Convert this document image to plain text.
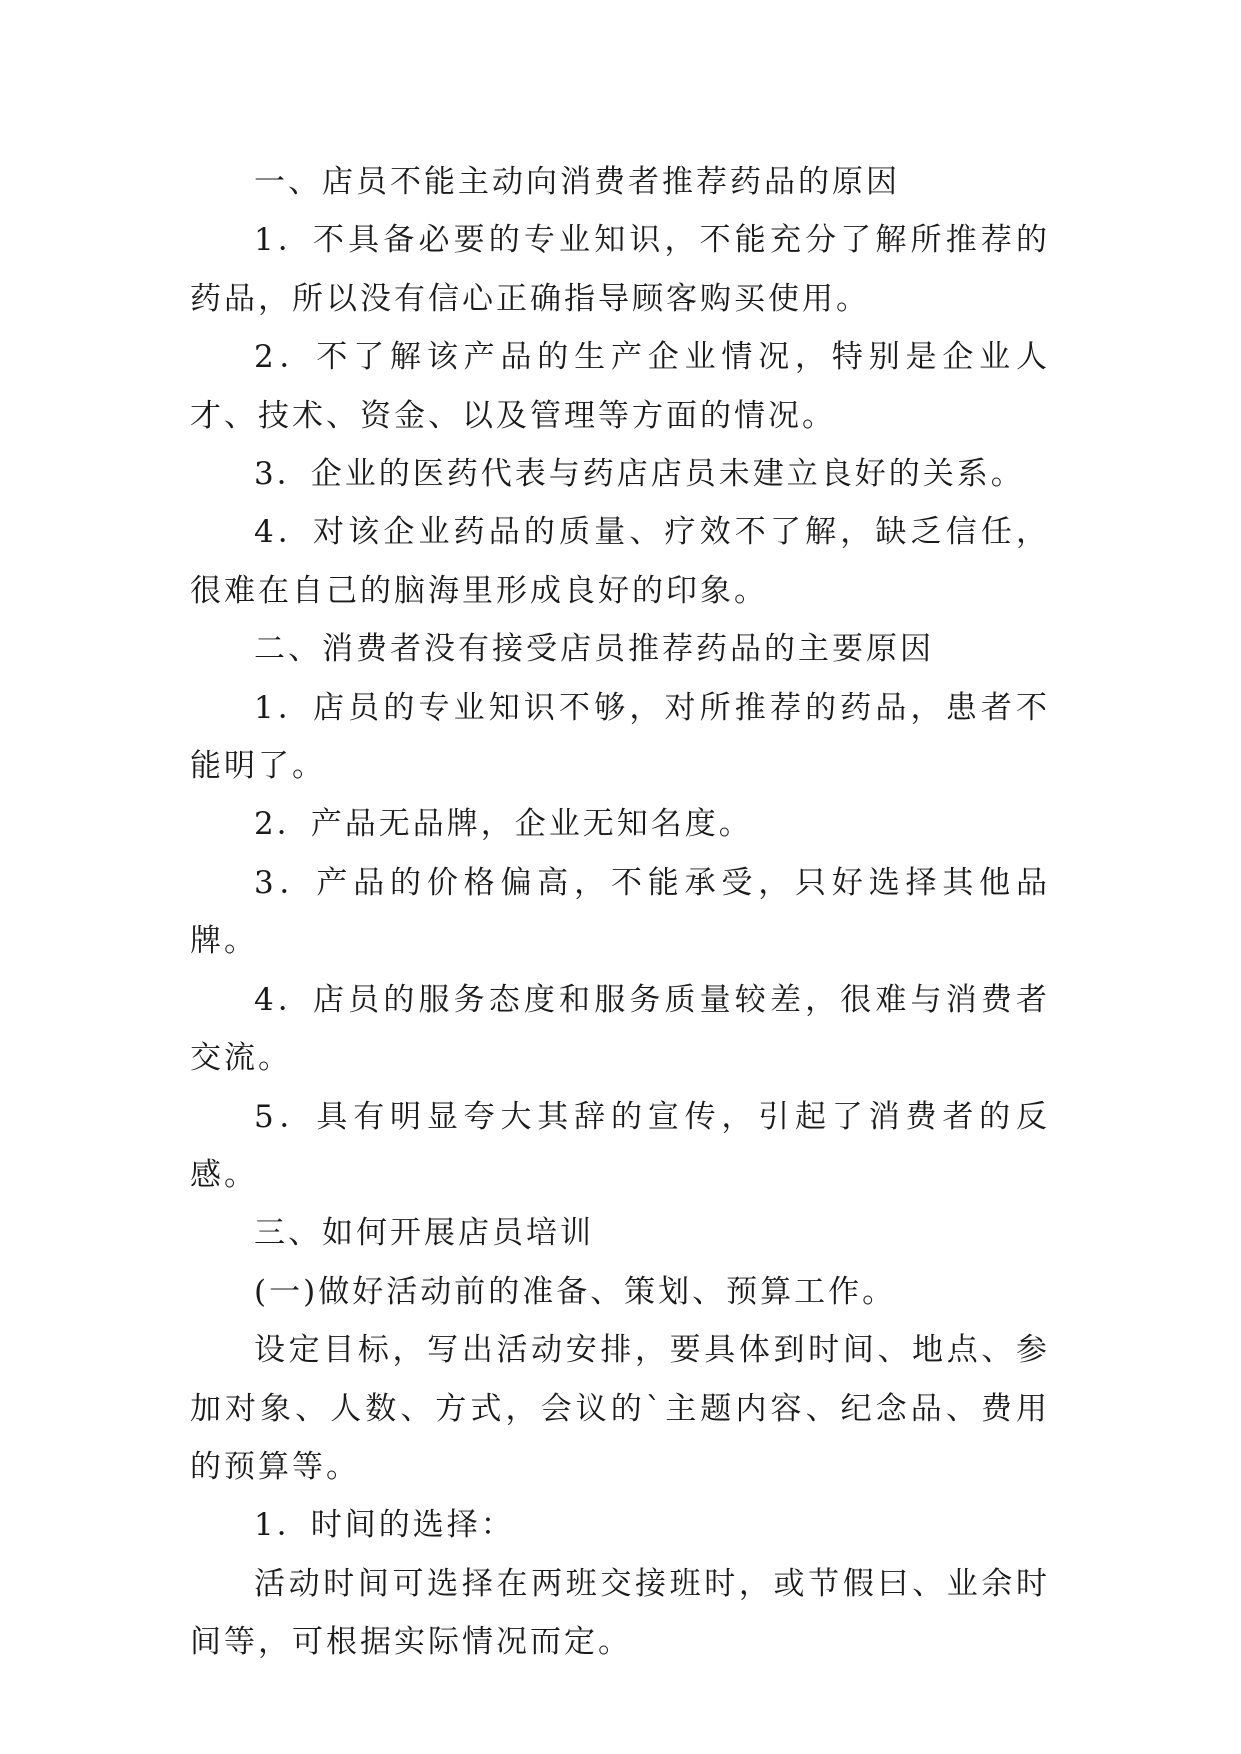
一、店员不能主动向消费者推荐药品的原因

1．不具备必要的专业知识，不能充分了解所推荐的药品，所以没有信心正确指导顾客购买使用。

2．不了解该产品的生产企业情况，特别是企业人才、技术、资金、以及管理等方面的情况。

3．企业的医药代表与药店店员未建立良好的关系。

4．对该企业药品的质量、疗效不了解，缺乏信任，很难在自己的脑海里形成良好的印象。

二、消费者没有接受店员推荐药品的主要原因

1．店员的专业知识不够，对所推荐的药品，患者不能明了。

2．产品无品牌，企业无知名度。

3．产品的价格偏高，不能承受，只好选择其他品牌。

4．店员的服务态度和服务质量较差，很难与消费者交流。

5．具有明显夸大其辞的宣传，引起了消费者的反感。

三、如何开展店员培训

(一)做好活动前的准备、策划、预算工作。

设定目标，写出活动安排，要具体到时间、地点、参加对象、人数、方式，会议的`主题内容、纪念品、费用的预算等。

1．时间的选择：

活动时间可选择在两班交接班时，或节假曰、业余时间等，可根据实际情况而定。
